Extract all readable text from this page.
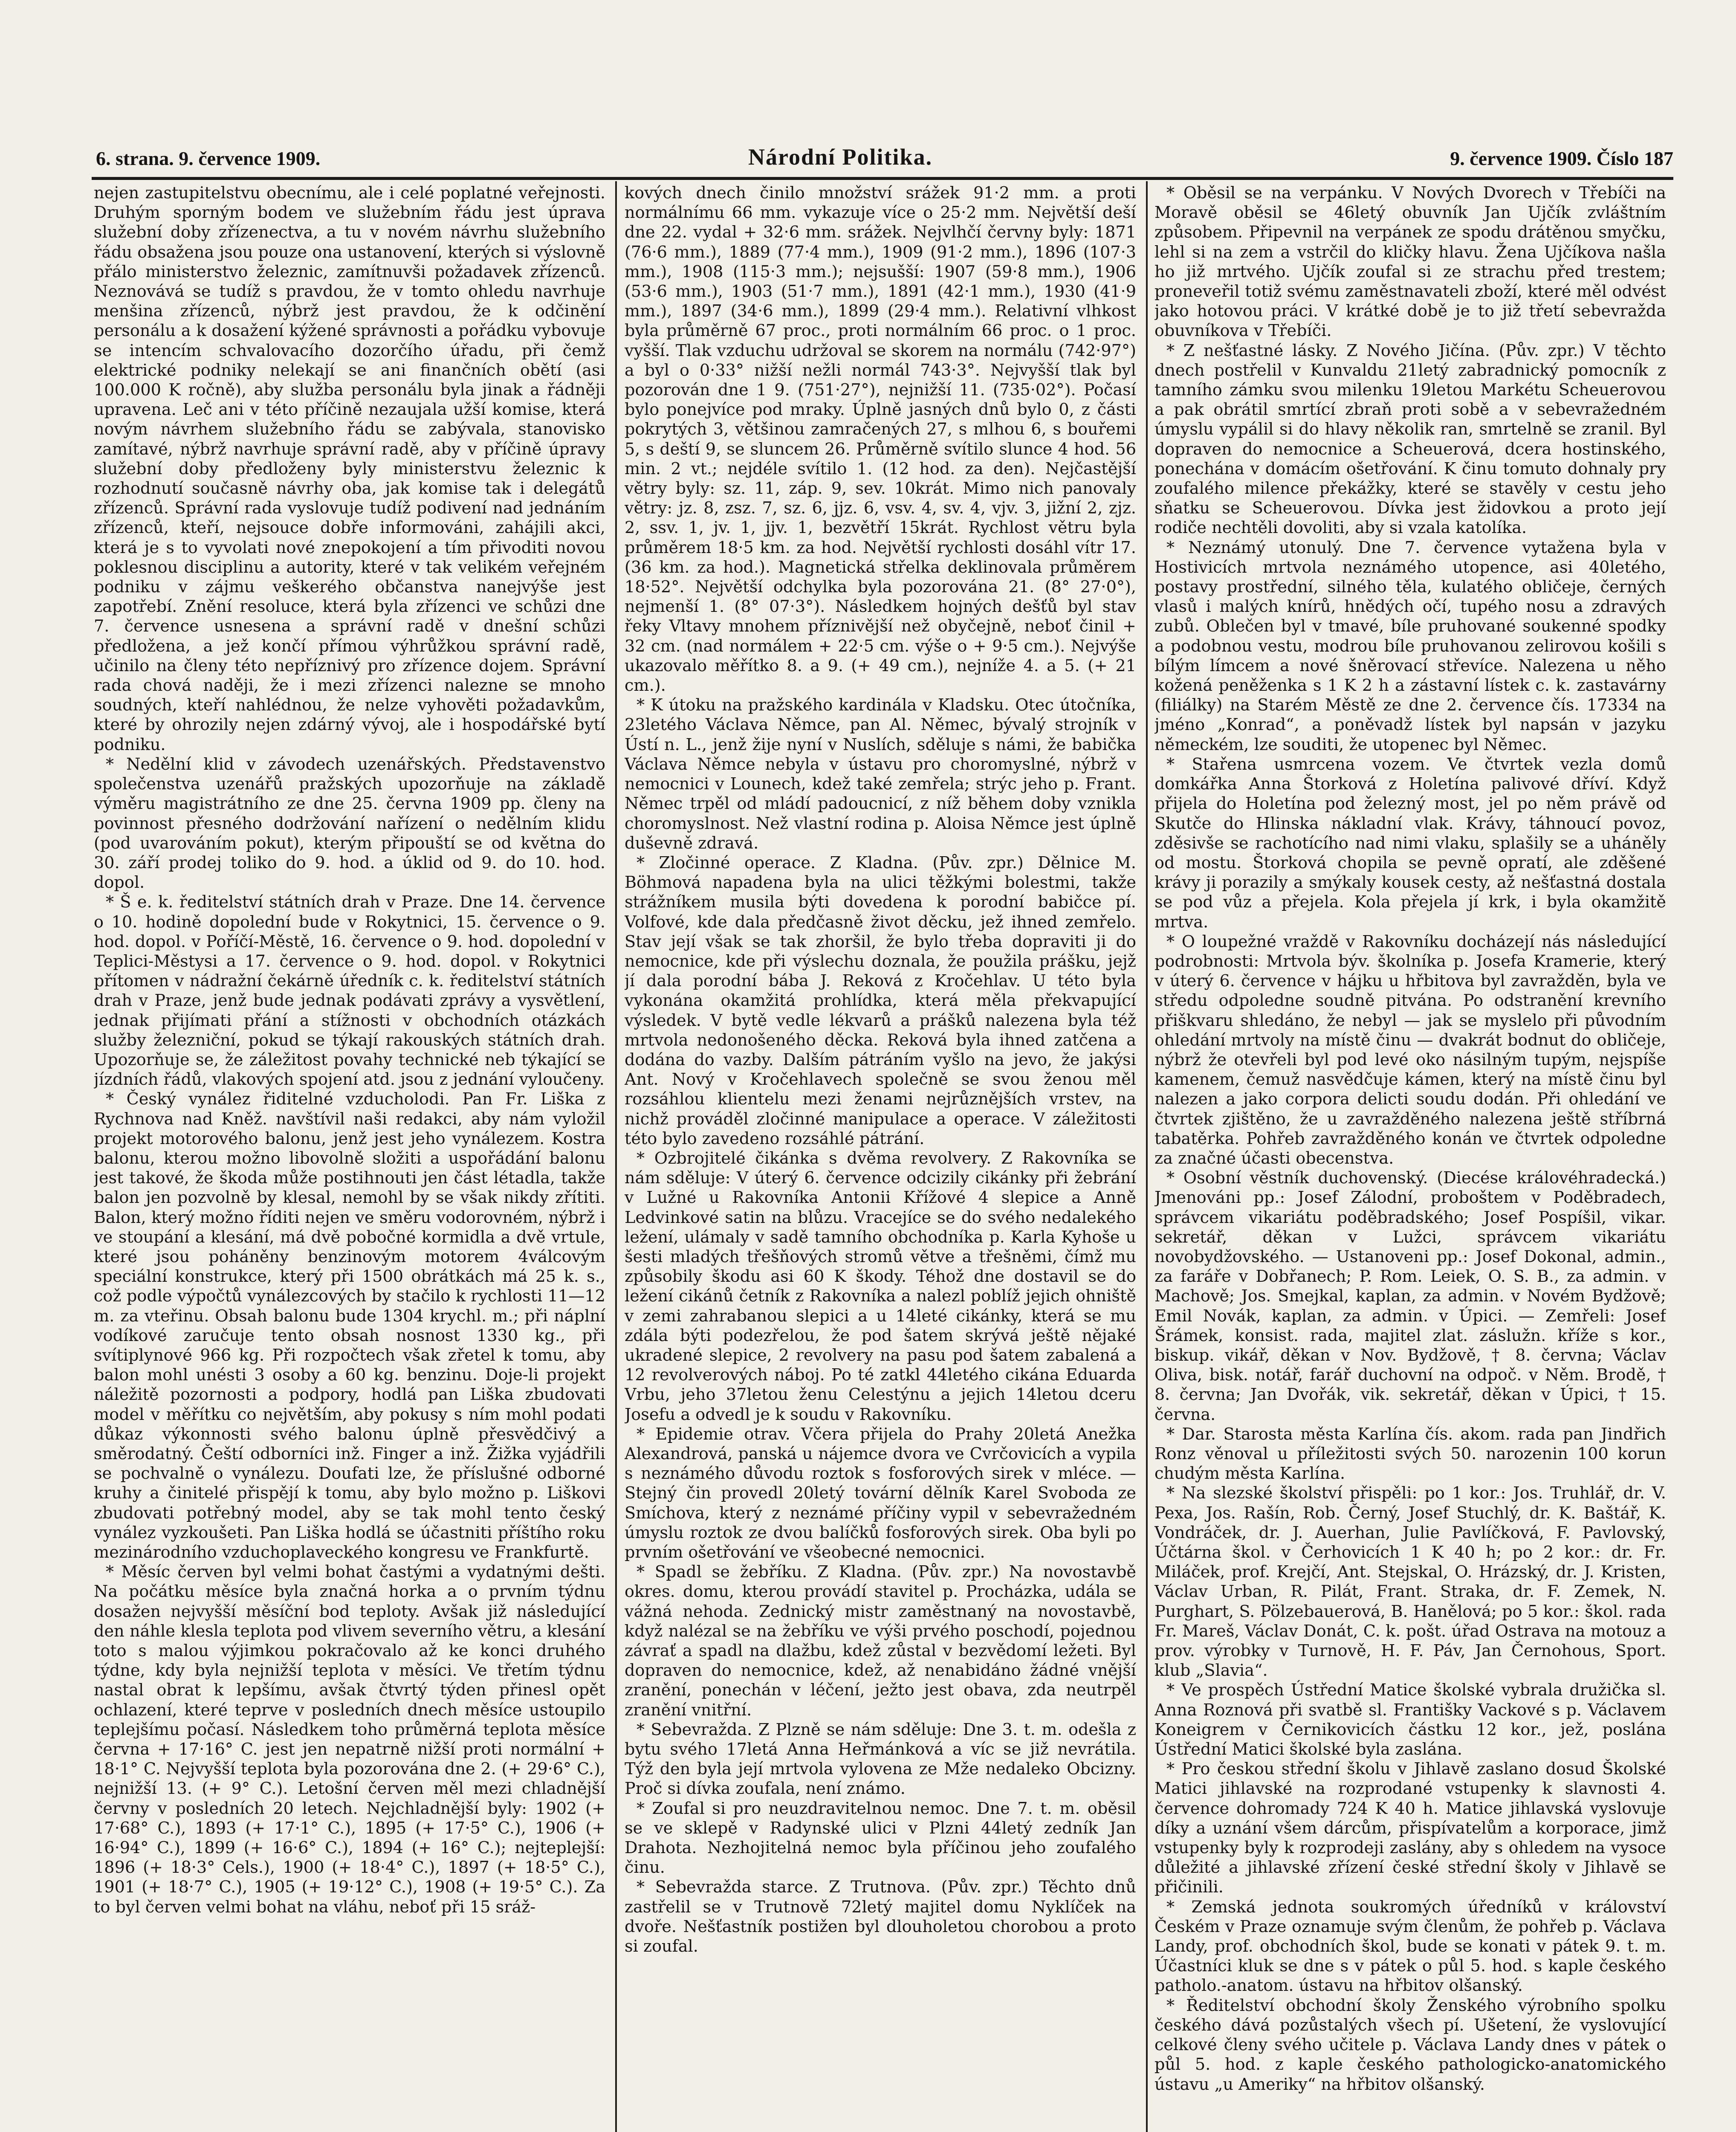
6. strana. 9. července 1909.	Národní Politika.	9. července 1909. Číslo 187

nejen zastupitelstvu obecnímu, ale i celé poplatné veřejnosti. Druhým sporným bodem ve služebním řádu jest úprava služební doby zřízenectva, a tu v novém návrhu služebního řádu obsažena jsou pouze ona ustanovení, kterých si výslovně přálo ministerstvo železnic, zamítnuvši požadavek zřízenců. Neznovává se tudíž s pravdou, že v tomto ohledu navrhuje menšina zřízenců, nýbrž jest pravdou, že k odčinění personálu a k dosažení kýžené správnosti a pořádku vybovuje se intencím schvalovacího dozorčího úřadu, při čemž elektrické podniky nelekají se ani finančních obětí (asi 100.000 K ročně), aby služba personálu byla jinak a řádněji upravena. Leč ani v této příčině nezaujala užší komise, která novým návrhem služebního řádu se zabývala, stanovisko zamítavé, nýbrž navrhuje správní radě, aby v příčině úpravy služební doby předloženy byly ministerstvu železnic k rozhodnutí současně návrhy oba, jak komise tak i delegátů zřízenců. Správní rada vyslovuje tudíž podivení nad jednáním zřízenců, kteří, nejsouce dobře informováni, zahájili akci, která je s to vyvolati nové znepokojení a tím přivoditi novou poklesnou disciplinu a autority, které v tak velikém veřejném podniku v zájmu veškerého občanstva nanejvýše jest zapotřebí. Znění resoluce, která byla zřízenci ve schůzi dne 7. července usnesena a správní radě v dnešní schůzi předložena, a jež končí přímou výhrůžkou správní radě, učinilo na členy této nepříznivý pro zřízence dojem. Správní rada chová naději, že i mezi zřízenci nalezne se mnoho soudných, kteří nahlédnou, že nelze vyhověti požadavkům, které by ohrozily nejen zdárný vývoj, ale i hospodářské bytí podniku.

* Nedělní klid v závodech uzenářských. Představenstvo společenstva uzenářů pražských upozorňuje na základě výměru magistrátního ze dne 25. června 1909 pp. členy na povinnost přesného dodržování nařízení o nedělním klidu (pod uvarováním pokut), kterým připouští se od května do 30. září prodej toliko do 9. hod. a úklid od 9. do 10. hod. dopol.

* Š e. k. ředitelství státních drah v Praze. Dne 14. července o 10. hodině dopolední bude v Rokytnici, 15. července o 9. hod. dopol. v Poříčí-Městě, 16. července o 9. hod. dopolední v Teplici-Městysi a 17. července o 9. hod. dopol. v Rokytnici přítomen v nádražní čekárně úředník c. k. ředitelství státních drah v Praze, jenž bude jednak podávati zprávy a vysvětlení, jednak přijímati přání a stížnosti v obchodních otázkách služby železniční, pokud se týkají rakouských státních drah. Upozorňuje se, že záležitost povahy technické neb týkající se jízdních řádů, vlakových spojení atd. jsou z jednání vyloučeny.

* Český vynález řiditelné vzducholodi. Pan Fr. Liška z Rychnova nad Kněž. navštívil naši redakci, aby nám vyložil projekt motorového balonu, jenž jest jeho vynálezem. Kostra balonu, kterou možno libovolně složiti a uspořádání balonu jest takové, že škoda může postihnouti jen část létadla, takže balon jen pozvolně by klesal, nemohl by se však nikdy zřítiti. Balon, který možno říditi nejen ve směru vodorovném, nýbrž i ve stoupání a klesání, má dvě pobočné kormidla a dvě vrtule, které jsou poháněny benzinovým motorem 4válcovým speciální konstrukce, který při 1500 obrátkách má 25 k. s., což podle výpočtů vynálezcových by stačilo k rychlosti 11—12 m. za vteřinu. Obsah balonu bude 1304 krychl. m.; při náplní vodíkové zaručuje tento obsah nosnost 1330 kg., při svítiplynové 966 kg. Při rozpočtech však zřetel k tomu, aby balon mohl unésti 3 osoby a 60 kg. benzinu. Doje-li projekt náležitě pozornosti a podpory, hodlá pan Liška zbudovati model v měřítku co největším, aby pokusy s ním mohl podati důkaz výkonnosti svého balonu úplně přesvědčivý a směrodatný. Čeští odborníci inž. Finger a inž. Žižka vyjádřili se pochvalně o vynálezu. Doufati lze, že příslušné odborné kruhy a činitelé přispějí k tomu, aby bylo možno p. Liškovi zbudovati potřebný model, aby se tak mohl tento český vynález vyzkoušeti. Pan Liška hodlá se účastniti příštího roku mezinárodního vzduchoplaveckého kongresu ve Frankfurtě.

* Měsíc červen byl velmi bohat častými a vydatnými dešti. Na počátku měsíce byla značná horka a o prvním týdnu dosažen nejvyšší měsíční bod teploty. Avšak již následující den náhle klesla teplota pod vlivem severního větru, a klesání toto s malou výjimkou pokračovalo až ke konci druhého týdne, kdy byla nejnižší teplota v měsíci. Ve třetím týdnu nastal obrat k lepšímu, avšak čtvrtý týden přinesl opět ochlazení, které teprve v posledních dnech měsíce ustoupilo teplejšímu počasí. Následkem toho průměrná teplota měsíce června + 17·16° C. jest jen nepatrně nižší proti normální + 18·1° C. Nejvyšší teplota byla pozorována dne 2. (+ 29·6° C.), nejnižší 13. (+ 9° C.). Letošní červen měl mezi chladnější červny v posledních 20 letech. Nejchladnější byly: 1902 (+ 17·68° C.), 1893 (+ 17·1° C.), 1895 (+ 17·5° C.), 1906 (+ 16·94° C.), 1899 (+ 16·6° C.), 1894 (+ 16° C.); nejteplejší: 1896 (+ 18·3° Cels.), 1900 (+ 18·4° C.), 1897 (+ 18·5° C.), 1901 (+ 18·7° C.), 1905 (+ 19·12° C.), 1908 (+ 19·5° C.). Za to byl červen velmi bohat na vláhu, neboť při 15 sráž-

kových dnech činilo množství srážek 91·2 mm. a proti normálnímu 66 mm. vykazuje více o 25·2 mm. Největší deší dne 22. vydal + 32·6 mm. srážek. Nejvlhčí červny byly: 1871 (76·6 mm.), 1889 (77·4 mm.), 1909 (91·2 mm.), 1896 (107·3 mm.), 1908 (115·3 mm.); nejsušší: 1907 (59·8 mm.), 1906 (53·6 mm.), 1903 (51·7 mm.), 1891 (42·1 mm.), 1930 (41·9 mm.), 1897 (34·6 mm.), 1899 (29·4 mm.). Relativní vlhkost byla průměrně 67 proc., proti normálním 66 proc. o 1 proc. vyšší. Tlak vzduchu udržoval se skorem na normálu (742·97°) a byl o 0·33° nižší nežli normál 743·3°. Nejvyšší tlak byl pozorován dne 1 9. (751·27°), nejnižší 11. (735·02°). Počasí bylo ponejvíce pod mraky. Úplně jasných dnů bylo 0, z části pokrytých 3, většinou zamračených 27, s mlhou 6, s bouřemi 5, s deští 9, se sluncem 26. Průměrně svítilo slunce 4 hod. 56 min. 2 vt.; nejdéle svítilo 1. (12 hod. za den). Nejčastější větry byly: sz. 11, záp. 9, sev. 10krát. Mimo nich panovaly větry: jz. 8, zsz. 7, sz. 6, jjz. 6, vsv. 4, sv. 4, vjv. 3, jižní 2, zjz. 2, ssv. 1, jv. 1, jjv. 1, bezvětří 15krát. Rychlost větru byla průměrem 18·5 km. za hod. Největší rychlosti dosáhl vítr 17. (36 km. za hod.). Magnetická střelka deklinovala průměrem 18·52°. Největší odchylka byla pozorována 21. (8° 27·0°), nejmenší 1. (8° 07·3°). Následkem hojných dešťů byl stav řeky Vltavy mnohem příznivější než obyčejně, neboť činil + 32 cm. (nad normálem + 22·5 cm. výše o + 9·5 cm.). Nejvýše ukazovalo měřítko 8. a 9. (+ 49 cm.), nejníže 4. a 5. (+ 21 cm.).

* K útoku na pražského kardinála v Kladsku. Otec útočníka, 23letého Václava Němce, pan Al. Němec, bývalý strojník v Ústí n. L., jenž žije nyní v Nuslích, sděluje s námi, že babička Václava Němce nebyla v ústavu pro choromyslné, nýbrž v nemocnici v Lounech, kdež také zemřela; strýc jeho p. Frant. Němec trpěl od mládí padoucnicí, z níž během doby vznikla choromyslnost. Než vlastní rodina p. Aloisa Němce jest úplně duševně zdravá.

* Zločinné operace. Z Kladna. (Pův. zpr.) Dělnice M. Böhmová napadena byla na ulici těžkými bolestmi, takže strážníkem musila býti dovedena k porodní babičce pí. Volfové, kde dala předčasně život děcku, jež ihned zemřelo. Stav její však se tak zhoršil, že bylo třeba dopraviti ji do nemocnice, kde při výslechu doznala, že použila prášku, jejž jí dala porodní bába J. Reková z Kročehlav. U této byla vykonána okamžitá prohlídka, která měla překvapující výsledek. V bytě vedle lékvarů a prášků nalezena byla též mrtvola nedonošeného děcka. Reková byla ihned zatčena a dodána do vazby. Dalším pátráním vyšlo na jevo, že jakýsi Ant. Nový v Kročehlavech společně se svou ženou měl rozsáhlou klientelu mezi ženami nejrůznějších vrstev, na nichž prováděl zločinné manipulace a operace. V záležitosti této bylo zavedeno rozsáhlé pátrání.

* Ozbrojitelé čikánka s dvěma revolvery. Z Rakovníka se nám sděluje: V úterý 6. července odcizily cikánky při žebrání v Lužné u Rakovníka Antonii Křížové 4 slepice a Anně Ledvinkové satin na blůzu. Vracejíce se do svého nedalekého ležení, ulámaly v sadě tamního obchodníka p. Karla Kyhoše u šesti mladých třešňových stromů větve a třešněmi, čímž mu způsobily škodu asi 60 K škody. Téhož dne dostavil se do ležení cikánů četník z Rakovníka a nalezl poblíž jejich ohniště v zemi zahrabanou slepici a u 14leté cikánky, která se mu zdála býti podezřelou, že pod šatem skrývá ještě nějaké ukradené slepice, 2 revolvery na pasu pod šatem zabalená a 12 revolverových náboj. Po té zatkl 44letého cikána Eduarda Vrbu, jeho 37letou ženu Celestýnu a jejich 14letou dceru Josefu a odvedl je k soudu v Rakovníku.

* Epidemie otrav. Včera přijela do Prahy 20letá Anežka Alexandrová, panská u nájemce dvora ve Cvrčovicích a vypila s neznámého důvodu roztok s fosforových sirek v mléce. — Stejný čin provedl 20letý tovární dělník Karel Svoboda ze Smíchova, který z neznámé příčiny vypil v sebevražedném úmyslu roztok ze dvou balíčků fosforových sirek. Oba byli po prvním ošetřování ve všeobecné nemocnici.

* Spadl se žebříku. Z Kladna. (Pův. zpr.) Na novostavbě okres. domu, kterou provádí stavitel p. Procházka, udála se vážná nehoda. Zednický mistr zaměstnaný na novostavbě, když nalézal se na žebříku ve výši prvého poschodí, pojednou závrať a spadl na dlažbu, kdež zůstal v bezvědomí ležeti. Byl dopraven do nemocnice, kdež, až nenabidáno žádné vnější zranění, ponechán v léčení, ježto jest obava, zda neutrpěl zranění vnitřní.

* Sebevražda. Z Plzně se nám sděluje: Dne 3. t. m. odešla z bytu svého 17letá Anna Heřmánková a víc se již nevrátila. Týž den byla její mrtvola vylovena ze Mže nedaleko Obcizny. Proč si dívka zoufala, není známo.

* Zoufal si pro neuzdravitelnou nemoc. Dne 7. t. m. oběsil se ve sklepě v Radynské ulici v Plzni 44letý zedník Jan Drahota. Nezhojitelná nemoc byla příčinou jeho zoufalého činu.

* Sebevražda starce. Z Trutnova. (Pův. zpr.) Těchto dnů zastřelil se v Trutnově 72letý majitel domu Nyklíček na dvoře. Nešťastník postižen byl dlouholetou chorobou a proto si zoufal.

* Oběsil se na verpánku. V Nových Dvorech v Třebíči na Moravě oběsil se 46letý obuvník Jan Ujčík zvláštním způsobem. Připevnil na verpánek ze spodu drátěnou smyčku, lehl si na zem a vstrčil do kličky hlavu. Žena Ujčíkova našla ho již mrtvého. Ujčík zoufal si ze strachu před trestem; proneveřil totiž svému zaměstnavateli zboží, které měl odvést jako hotovou práci. V krátké době je to již třetí sebevražda obuvníkova v Třebíči.

* Z nešťastné lásky. Z Nového Jičína. (Pův. zpr.) V těchto dnech postřelil v Kunvaldu 21letý zabradnický pomocník z tamního zámku svou milenku 19letou Markétu Scheuerovou a pak obrátil smrtící zbraň proti sobě a v sebevražedném úmyslu vypálil si do hlavy několik ran, smrtelně se zranil. Byl dopraven do nemocnice a Scheuerová, dcera hostinského, ponechána v domácím ošetřování. K činu tomuto dohnaly pry zoufalého milence překážky, které se stavěly v cestu jeho sňatku se Scheuerovou. Dívka jest židovkou a proto její rodiče nechtěli dovoliti, aby si vzala katolíka.

* Neznámý utonulý. Dne 7. července vytažena byla v Hostivicích mrtvola neznámého utopence, asi 40letého, postavy prostřední, silného těla, kulatého obličeje, černých vlasů i malých knírů, hnědých očí, tupého nosu a zdravých zubů. Oblečen byl v tmavé, bíle pruhované soukenné spodky a podobnou vestu, modrou bíle pruhovanou zelirovou košili s bílým límcem a nové šněrovací střevíce. Nalezena u něho kožená peněženka s 1 K 2 h a zástavní lístek c. k. zastavárny (filiálky) na Starém Městě ze dne 2. července čís. 17334 na jméno „Konrad“, a poněvadž lístek byl napsán v jazyku německém, lze souditi, že utopenec byl Němec.

* Stařena usmrcena vozem. Ve čtvrtek vezla domů domkářka Anna Štorková z Holetína palivové dříví. Když přijela do Holetína pod železný most, jel po něm právě od Skutče do Hlinska nákladní vlak. Krávy, táhnoucí povoz, zděsivše se rachotícího nad nimi vlaku, splašily se a uháněly od mostu. Štorková chopila se pevně opratí, ale zděšené krávy ji porazily a smýkaly kousek cesty, až nešťastná dostala se pod vůz a přejela. Kola přejela jí krk, i byla okamžitě mrtva.

* O loupežné vraždě v Rakovníku docházejí nás následující podrobnosti: Mrtvola býv. školníka p. Josefa Kramerie, který v úterý 6. července v hájku u hřbitova byl zavražděn, byla ve středu odpoledne soudně pitvána. Po odstranění krevního přiškvaru shledáno, že nebyl — jak se myslelo při původním ohledání mrtvoly na místě činu — dvakrát bodnut do obličeje, nýbrž že otevřeli byl pod levé oko násilným tupým, nejspíše kamenem, čemuž nasvědčuje kámen, který na místě činu byl nalezen a jako corpora delicti soudu dodán. Při ohledání ve čtvrtek zjištěno, že u zavražděného nalezena ještě stříbrná tabatěrka. Pohřeb zavražděného konán ve čtvrtek odpoledne za značné účasti obecenstva.

* Osobní věstník duchovenský. (Diecése královéhradecká.) Jmenováni pp.: Josef Zálodní, proboštem v Poděbradech, správcem vikariátu poděbradského; Josef Pospíšil, vikar. sekretář, děkan v Lužci, správcem vikariátu novobydžovského. — Ustanoveni pp.: Josef Dokonal, admin., za faráře v Dobřanech; P. Rom. Leiek, O. S. B., za admin. v Machově; Jos. Smejkal, kaplan, za admin. v Novém Bydžově; Emil Novák, kaplan, za admin. v Úpici. — Zemřeli: Josef Šrámek, konsist. rada, majitel zlat. záslužn. kříže s kor., biskup. vikář, děkan v Nov. Bydžově, † 8. června; Václav Oliva, bisk. notář, farář duchovní na odpoč. v Něm. Brodě, † 8. června; Jan Dvořák, vik. sekretář, děkan v Úpici, † 15. června.

* Dar. Starosta města Karlína čís. akom. rada pan Jindřich Ronz věnoval u příležitosti svých 50. narozenin 100 korun chudým města Karlína.

* Na slezské školství přispěli: po 1 kor.: Jos. Truhlář, dr. V. Pexa, Jos. Rašín, Rob. Černý, Josef Stuchlý, dr. K. Baštář, K. Vondráček, dr. J. Auerhan, Julie Pavlíčková, F. Pavlovský, Účtárna škol. v Čerhovicích 1 K 40 h; po 2 kor.: dr. Fr. Miláček, prof. Krejčí, Ant. Stejskal, O. Hrázský, dr. J. Kristen, Václav Urban, R. Pilát, Frant. Straka, dr. F. Zemek, N. Purghart, S. Pölzebauerová, B. Hanělová; po 5 kor.: škol. rada Fr. Mareš, Václav Donát, C. k. pošt. úřad Ostrava na motouz a prov. výrobky v Turnově, H. F. Páv, Jan Černohous, Sport. klub „Slavia“.

* Ve prospěch Ústřední Matice školské vybrala družička sl. Anna Roznová při svatbě sl. Františky Vackové s p. Václavem Koneigrem v Černikovicích částku 12 kor., jež, poslána Ústřední Matici školské byla zaslána.

* Pro českou střední školu v Jihlavě zaslano dosud Školské Matici jihlavské na rozprodané vstupenky k slavnosti 4. července dohromady 724 K 40 h. Matice jihlavská vyslovuje díky a uznání všem dárcům, přispívatelům a korporace, jimž vstupenky byly k rozprodeji zaslány, aby s ohledem na vysoce důležité a jihlavské zřízení české střední školy v Jihlavě se přičinili.

* Zemská jednota soukromých úředníků v království Českém v Praze oznamuje svým členům, že pohřeb p. Václava Landy, prof. obchodních škol, bude se konati v pátek 9. t. m. Účastníci kluk se dne s v pátek o půl 5. hod. s kaple českého patholo.-anatom. ústavu na hřbitov olšanský.

* Ředitelství obchodní školy Ženského výrobního spolku českého dává pozůstalých všech pí. Ušetení, že vyslovující celkové členy svého učitele p. Václava Landy dnes v pátek o půl 5. hod. z kaple českého pathologicko-anatomického ústavu „u Ameriky“ na hřbitov olšanský.
